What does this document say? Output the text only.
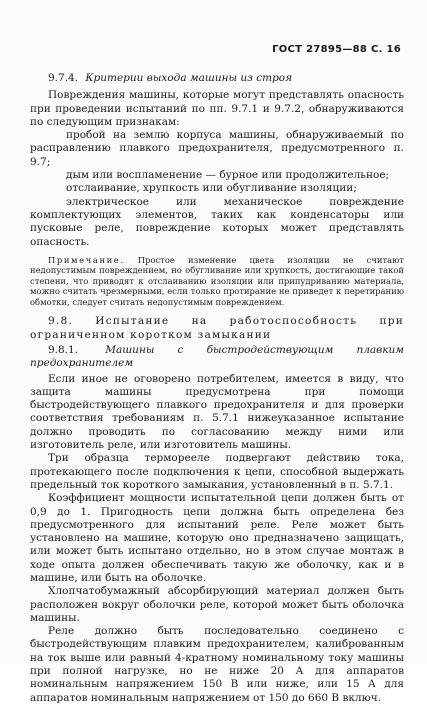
ГОСТ 27895—88 С. 16
9.7.4. Критерии выхода машины из строя

Повреждения машины, которые могут представлять опасность при проведении испытаний по пп. 9.7.1 и 9.7.2, обнаруживаются по следующим признакам:

пробой на землю корпуса машины, обнаруживаемый по расправлению плавкого предохранителя, предусмотренного п. 9.7;

дым или воспламенение — бурное или продолжительное;

отслаивание, хрупкость или обугливание изоляции;

электрическое или механическое повреждение комплектующих элементов, таких как конденсаторы или пусковые реле, повреждение которых может представлять опасность.

Примечание. Простое изменение цвета изоляции не считают недопустимым повреждением, но обугливание или хрупкость, достигающие такой степени, что приводят к отслаиванию изоляции или припудриванию материала, можно считать чрезмерными, если только протирание не приведет к перетиранию обмотки, следует считать недопустимым повреждением.
9.8. Испытание на работоспособность при ограниченном коротком замыкании
9.8.1.	Машины с быстродействующим плавким предохранителем

Если иное не оговорено потребителем, имеется в виду, что защита машины предусмотрена при помощи быстродействующего плавкого предохранителя и для проверки соответствия требованиям п. 5.7.1 нижеуказанное испытание должно проводить по согласованию между ними или изготовитель реле, или изготовитель машины.

Три образца терморееле подвергают действию тока, протекающего после подключения к цепи, способной выдержать предельный ток короткого замыкания, установленный в п. 5.7.1.

Коэффициент мощности испытательной цепи должен быть от 0,9 до 1. Пригодность цепи должна быть определена без предусмотренного для испытаний реле. Реле может быть установлено на машине, которую оно предназначено защищать, или может быть испытано отдельно, но в этом случае монтаж в ходе опыта должен обеспечивать такую же оболочку, как и в машине, или быть на оболочке.

Хлопчатобумажный абсорбирующий материал должен быть расположен вокруг оболочки реле, которой может быть оболочка машины.

Реле должно быть последовательно соединено с быстродействующим плавким предохранителем, калиброванным на ток выше или равный 4-кратному номинальному току машины при полной нагрузке, но не ниже 20 А для аппаратов номинальным напряжением 150 В или ниже, или 15 А для аппаратов номинальным напряжением от 150 до 660 В включ.
